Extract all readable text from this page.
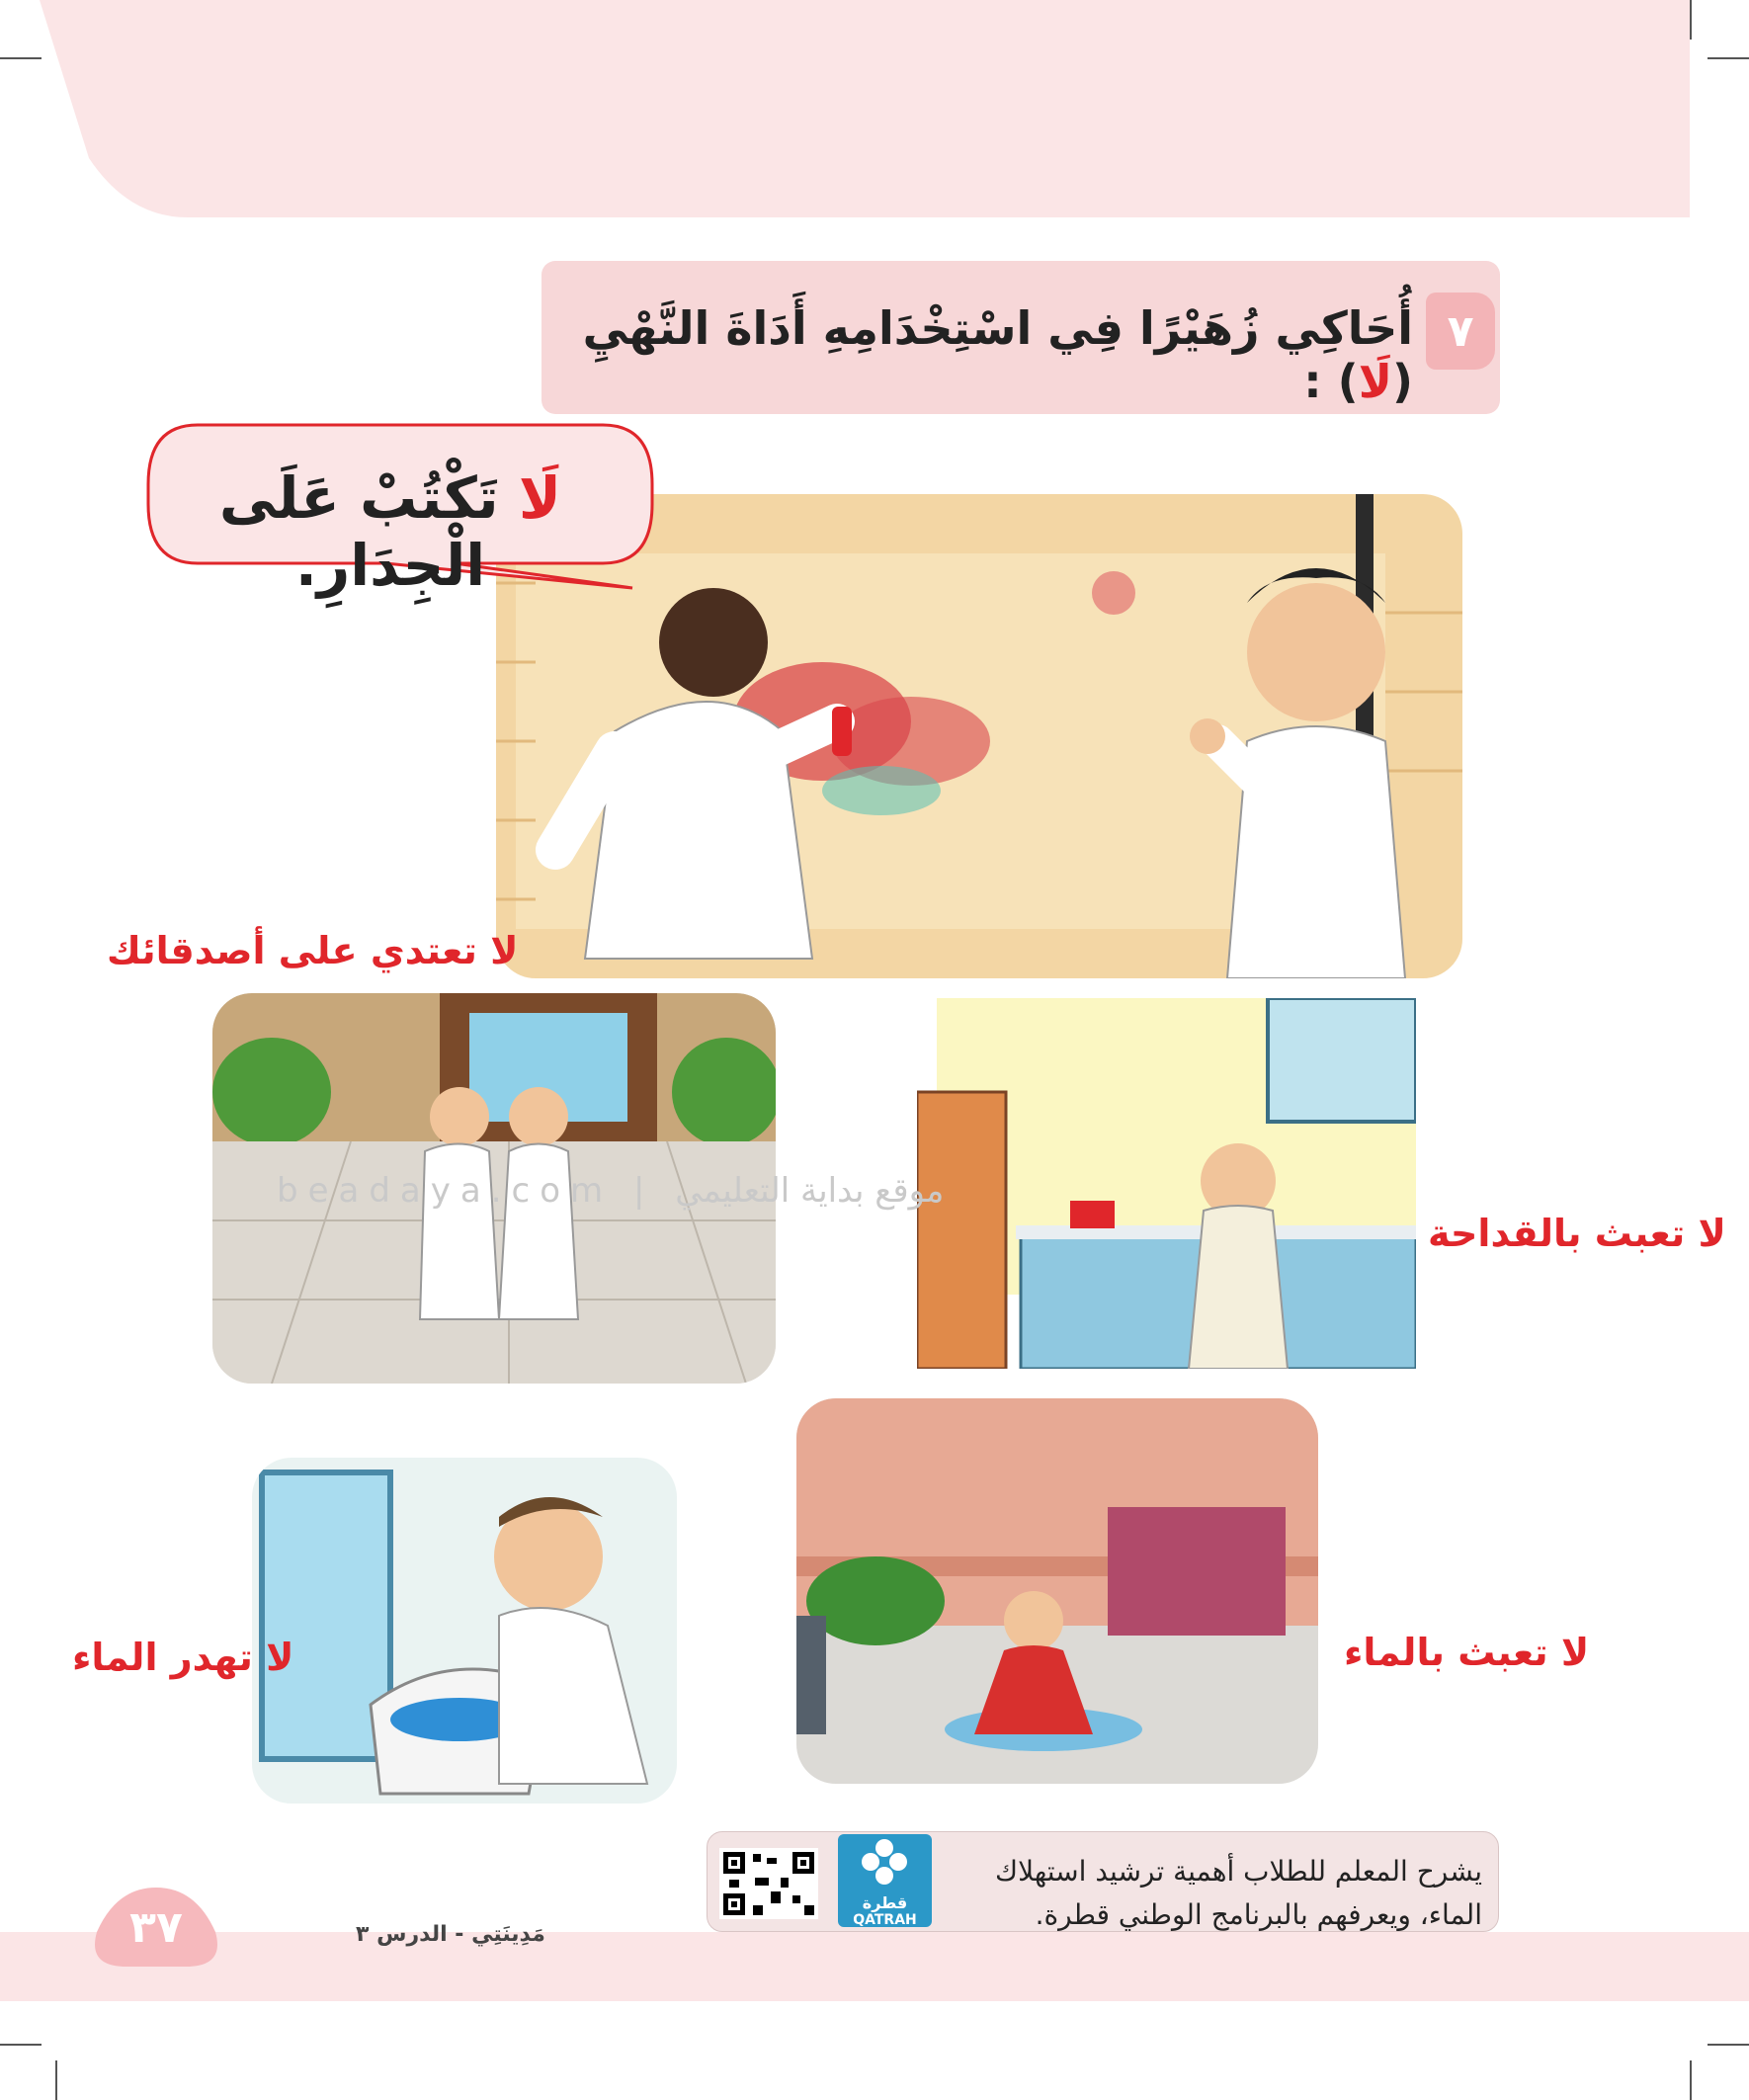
٧
أُحَاكِي زُهَيْرًا فِي اسْتِخْدَامِهِ أَدَاةَ النَّهْيِ (لَا) :
لَا تَكْتُبْ عَلَى الْجِدَارِ.
لا تعتدي على أصدقائك
لا تعبث بالقداحة
beadaya.com | موقع بداية التعليمي
لا تعبث بالماء
لا تهدر الماء
يشرح المعلم للطلاب أهمية ترشيد استهلاك
الماء، ويعرفهم بالبرنامج الوطني قطرة.
قطرة
QATRAH
٣٧	مَدِينَتِي - الدرس ٣
